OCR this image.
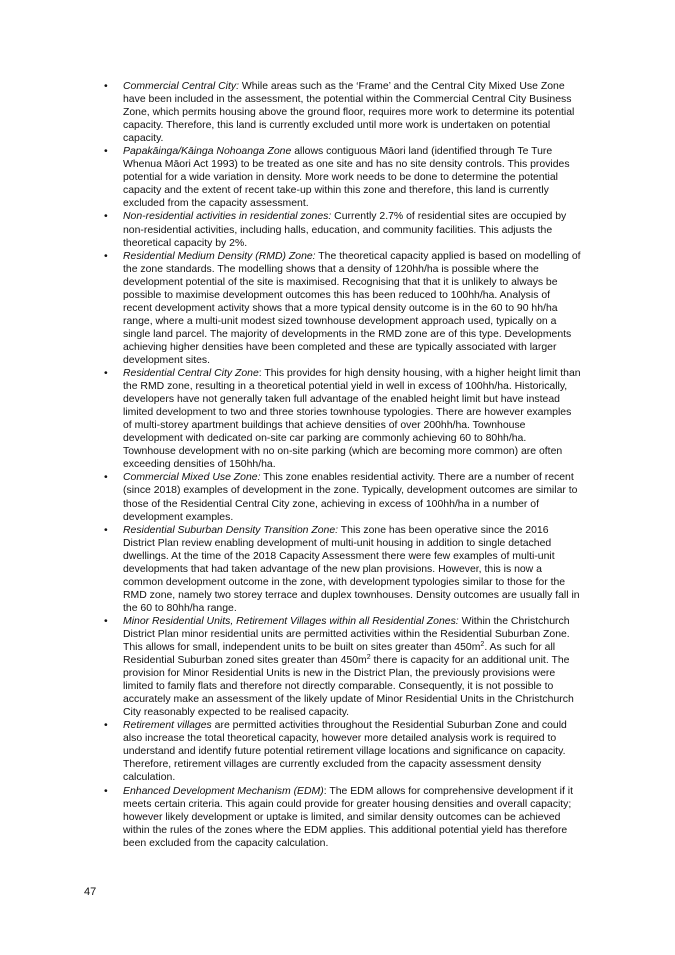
• Commercial Central City: While areas such as the ‘Frame’ and the Central City Mixed Use Zone have been included in the assessment, the potential within the Commercial Central City Business Zone, which permits housing above the ground floor, requires more work to determine its potential capacity. Therefore, this land is currently excluded until more work is undertaken on potential capacity.
• Papakāinga/Kāinga Nohoanga Zone allows contiguous Māori land (identified through Te Ture Whenua Māori Act 1993) to be treated as one site and has no site density controls. This provides potential for a wide variation in density. More work needs to be done to determine the potential capacity and the extent of recent take-up within this zone and therefore, this land is currently excluded from the capacity assessment.
• Non-residential activities in residential zones: Currently 2.7% of residential sites are occupied by non-residential activities, including halls, education, and community facilities. This adjusts the theoretical capacity by 2%.
• Residential Medium Density (RMD) Zone: The theoretical capacity applied is based on modelling of the zone standards. The modelling shows that a density of 120hh/ha is possible where the development potential of the site is maximised. Recognising that that it is unlikely to always be possible to maximise development outcomes this has been reduced to 100hh/ha. Analysis of recent development activity shows that a more typical density outcome is in the 60 to 90 hh/ha range, where a multi-unit modest sized townhouse development approach used, typically on a single land parcel. The majority of developments in the RMD zone are of this type. Developments achieving higher densities have been completed and these are typically associated with larger development sites.
• Residential Central City Zone: This provides for high density housing, with a higher height limit than the RMD zone, resulting in a theoretical potential yield in well in excess of 100hh/ha. Historically, developers have not generally taken full advantage of the enabled height limit but have instead limited development to two and three stories townhouse typologies. There are however examples of multi-storey apartment buildings that achieve densities of over 200hh/ha. Townhouse development with dedicated on-site car parking are commonly achieving 60 to 80hh/ha. Townhouse development with no on-site parking (which are becoming more common) are often exceeding densities of 150hh/ha.
• Commercial Mixed Use Zone: This zone enables residential activity. There are a number of recent (since 2018) examples of development in the zone. Typically, development outcomes are similar to those of the Residential Central City zone, achieving in excess of 100hh/ha in a number of development examples.
• Residential Suburban Density Transition Zone: This zone has been operative since the 2016 District Plan review enabling development of multi-unit housing in addition to single detached dwellings. At the time of the 2018 Capacity Assessment there were few examples of multi-unit developments that had taken advantage of the new plan provisions. However, this is now a common development outcome in the zone, with development typologies similar to those for the RMD zone, namely two storey terrace and duplex townhouses. Density outcomes are usually fall in the 60 to 80hh/ha range.
• Minor Residential Units, Retirement Villages within all Residential Zones: Within the Christchurch District Plan minor residential units are permitted activities within the Residential Suburban Zone. This allows for small, independent units to be built on sites greater than $450m^2$. As such for all Residential Suburban zoned sites greater than $450m^2$ there is capacity for an additional unit. The provision for Minor Residential Units is new in the District Plan, the previously provisions were limited to family flats and therefore not directly comparable. Consequently, it is not possible to accurately make an assessment of the likely update of Minor Residential Units in the Christchurch City reasonably expected to be realised capacity.
• Retirement villages are permitted activities throughout the Residential Suburban Zone and could also increase the total theoretical capacity, however more detailed analysis work is required to understand and identify future potential retirement village locations and significance on capacity. Therefore, retirement villages are currently excluded from the capacity assessment density calculation.
• Enhanced Development Mechanism (EDM): The EDM allows for comprehensive development if it meets certain criteria. This again could provide for greater housing densities and overall capacity; however likely development or uptake is limited, and similar density outcomes can be achieved within the rules of the zones where the EDM applies. This additional potential yield has therefore been excluded from the capacity calculation.
47
